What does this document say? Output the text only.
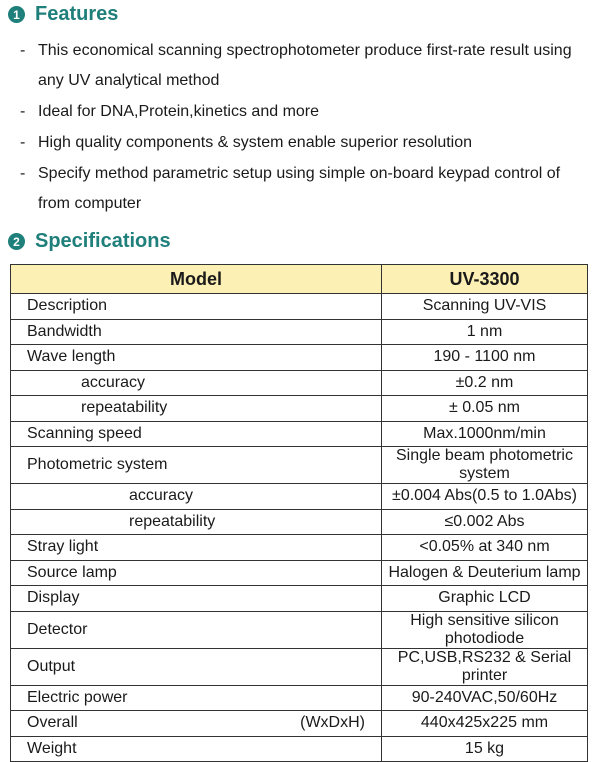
1 Features
- This economical scanning spectrophotometer produce first-rate result using any UV analytical method
- Ideal for DNA,Protein,kinetics and more
- High quality components & system enable superior resolution
- Specify method parametric setup using simple on-board keypad control of from computer
2 Specifications
Model	UV-3300
Description	Scanning UV-VIS
Bandwidth	1 nm
Wave length	190 - 1100 nm
accuracy	±0.2 nm
repeatability	± 0.05 nm
Scanning speed	Max.1000nm/min
Photometric system	Single beam photometric system
accuracy	±0.004 Abs(0.5 to 1.0Abs)
repeatability	≤0.002 Abs
Stray light	<0.05% at 340 nm
Source lamp	Halogen & Deuterium lamp
Display	Graphic LCD
Detector	High sensitive silicon photodiode
Output	PC,USB,RS232 & Serial printer
Electric power	90-240VAC,50/60Hz

Overall (WxDxH)	440x425x225 mm
Weight	15 kg
